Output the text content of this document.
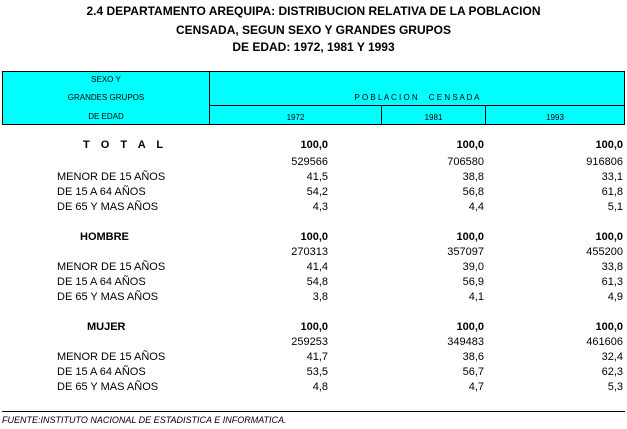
2.4 DEPARTAMENTO AREQUIPA: DISTRIBUCION RELATIVA DE LA POBLACION
CENSADA, SEGUN SEXO Y GRANDES GRUPOS
DE EDAD: 1972, 1981 Y 1993
SEXO Y
GRANDES GRUPOS
DE EDAD
P O B L A C I O N     C E N S A D A
1972	1981	1993
T O T A L	100,0	100,0	100,0
529566	706580	916806
MENOR DE 15 AÑOS	41,5	38,8	33,1
DE 15 A 64 AÑOS	54,2	56,8	61,8
DE 65 Y MAS AÑOS	4,3	4,4	5,1
HOMBRE	100,0	100,0	100,0
270313	357097	455200
MENOR DE 15 AÑOS	41,4	39,0	33,8
DE 15 A 64 AÑOS	54,8	56,9	61,3
DE 65 Y MAS AÑOS	3,8	4,1	4,9
MUJER	100,0	100,0	100,0
259253	349483	461606
MENOR DE 15 AÑOS	41,7	38,6	32,4
DE 15 A 64 AÑOS	53,5	56,7	62,3
DE 65 Y MAS AÑOS	4,8	4,7	5,3
FUENTE:INSTITUTO NACIONAL DE ESTADISTICA E INFORMATICA.
